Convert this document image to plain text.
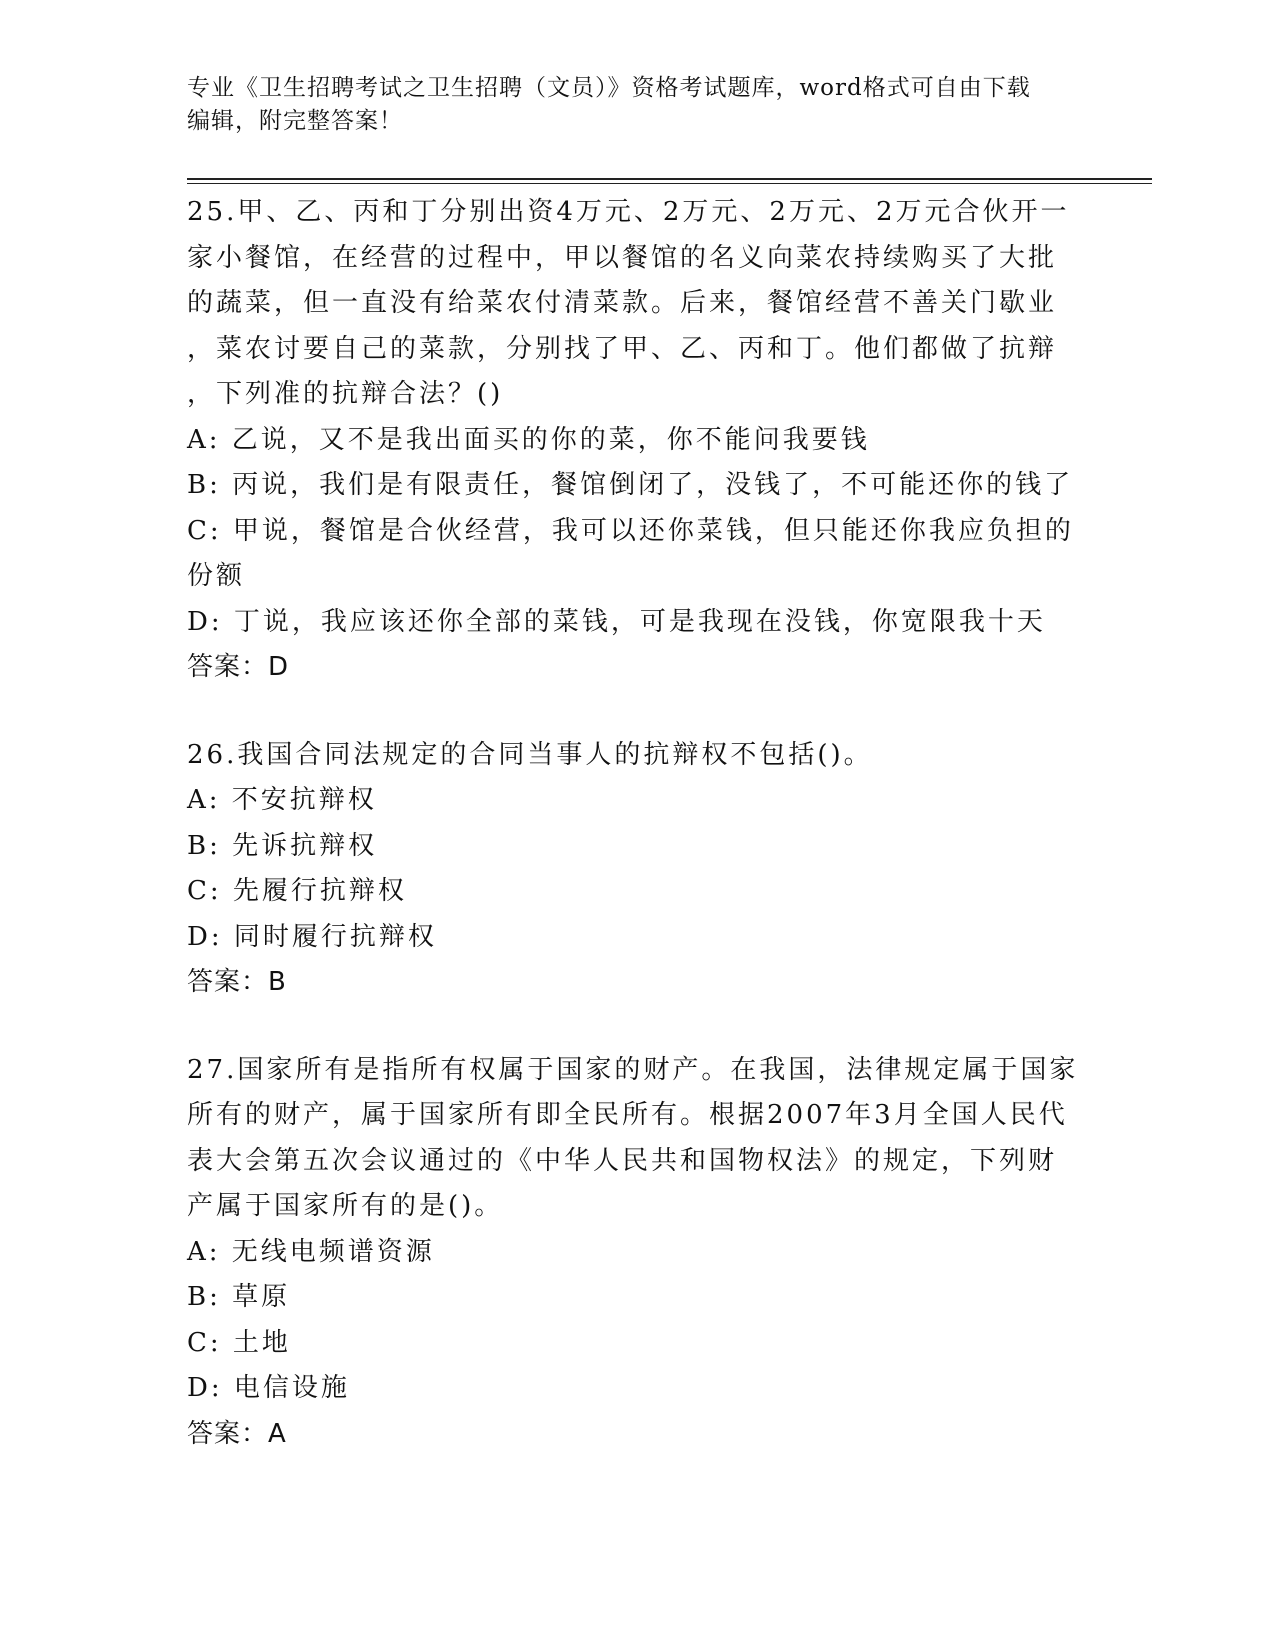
专业《卫生招聘考试之卫生招聘（文员）》资格考试题库，word格式可自由下载
编辑，附完整答案！
25.甲、乙、丙和丁分别出资4万元、2万元、2万元、2万元合伙开一
家小餐馆，在经营的过程中，甲以餐馆的名义向菜农持续购买了大批
的蔬菜，但一直没有给菜农付清菜款。后来，餐馆经营不善关门歇业
，菜农讨要自己的菜款，分别找了甲、乙、丙和丁。他们都做了抗辩
，下列准的抗辩合法？()
A: 乙说，又不是我出面买的你的菜，你不能问我要钱
B: 丙说，我们是有限责任，餐馆倒闭了，没钱了，不可能还你的钱了
C: 甲说，餐馆是合伙经营，我可以还你菜钱，但只能还你我应负担的
份额
D: 丁说，我应该还你全部的菜钱，可是我现在没钱，你宽限我十天
答案：D
26.我国合同法规定的合同当事人的抗辩权不包括()。
A: 不安抗辩权
B: 先诉抗辩权
C: 先履行抗辩权
D: 同时履行抗辩权
答案：B
27.国家所有是指所有权属于国家的财产。在我国，法律规定属于国家
所有的财产，属于国家所有即全民所有。根据2007年3月全国人民代
表大会第五次会议通过的《中华人民共和国物权法》的规定，下列财
产属于国家所有的是()。
A: 无线电频谱资源
B: 草原
C: 土地
D: 电信设施
答案：A
